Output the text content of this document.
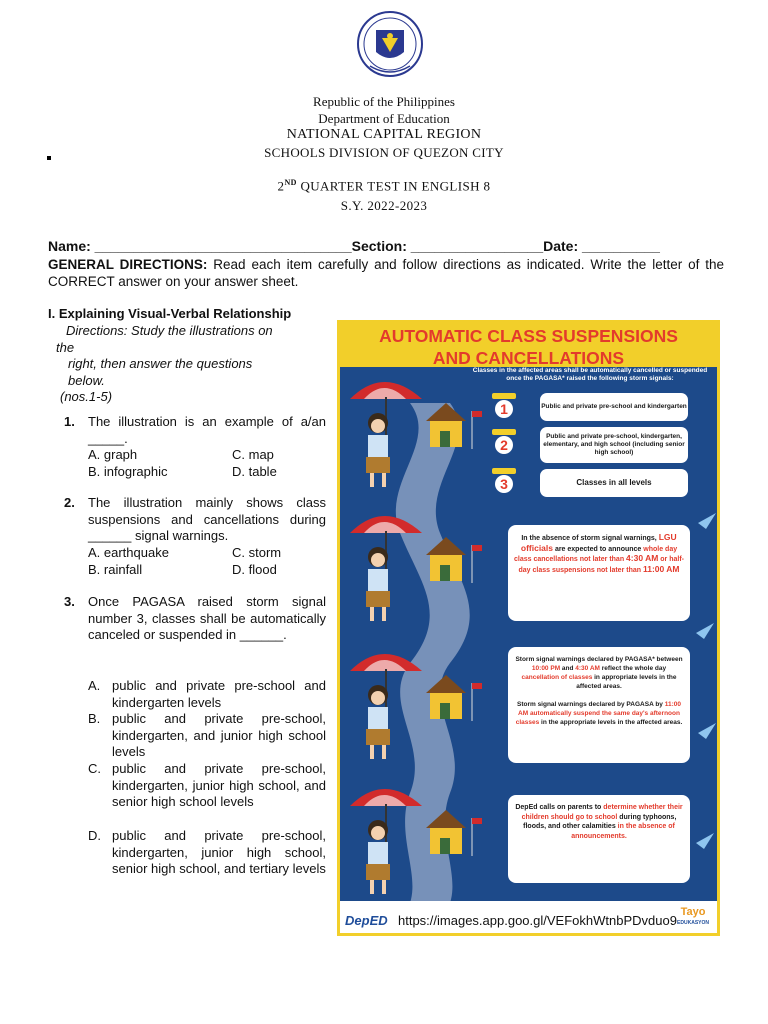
Republic of the Philippines
Department of Education
NATIONAL CAPITAL REGION
SCHOOLS DIVISION OF QUEZON CITY
2ND QUARTER TEST IN ENGLISH 8
S.Y. 2022-2023
Name: _________________________________Section: _________________Date: __________
GENERAL DIRECTIONS: Read each item carefully and follow directions as indicated. Write the letter of the CORRECT answer on your answer sheet.
I. Explaining Visual-Verbal Relationship
Directions: Study the illustrations on
the
right, then answer the questions
below.
(nos.1-5)
1. The illustration is an example of a/an _____.
A. graph
B. infographic
C. map
D. table
2. The illustration mainly shows class suspensions and cancellations during ______ signal warnings.
A. earthquake
B. rainfall
C. storm
D. flood
3. Once PAGASA raised storm signal number 3, classes shall be automatically canceled or suspended in ______.
A. public and private pre-school and kindergarten levels
B. public and private pre-school, kindergarten, and junior high school levels
C. public and private pre-school, kindergarten, junior high school, and senior high school levels
D. public and private pre-school, kindergarten, junior high school, senior high school, and tertiary levels
AUTOMATIC CLASS SUSPENSIONS
AND CANCELLATIONS
Classes in the affected areas shall be automatically cancelled or suspended once the PAGASA* raised the following storm signals:
1
2
3
Public and private pre-school and kindergarten
Public and private pre-school, kindergarten, elementary, and high school (including senior high school)
Classes in all levels
In the absence of storm signal warnings, LGU officials are expected to announce whole day class cancellations not later than 4:30 AM or half-day class suspensions not later than 11:00 AM
Storm signal warnings declared by PAGASA* between 10:00 PM and 4:30 AM reflect the whole day cancellation of classes in appropriate levels in the affected areas.

Storm signal warnings declared by PAGASA by 11:00 AM automatically suspend the same day's afternoon classes in the appropriate levels in the affected areas.
DepEd calls on parents to determine whether their children should go to school during typhoons, floods, and other calamities in the absence of announcements.
DepED
Tayo
EDUKASYON
https://images.app.goo.gl/VEFokhWtnbPDvduo9
